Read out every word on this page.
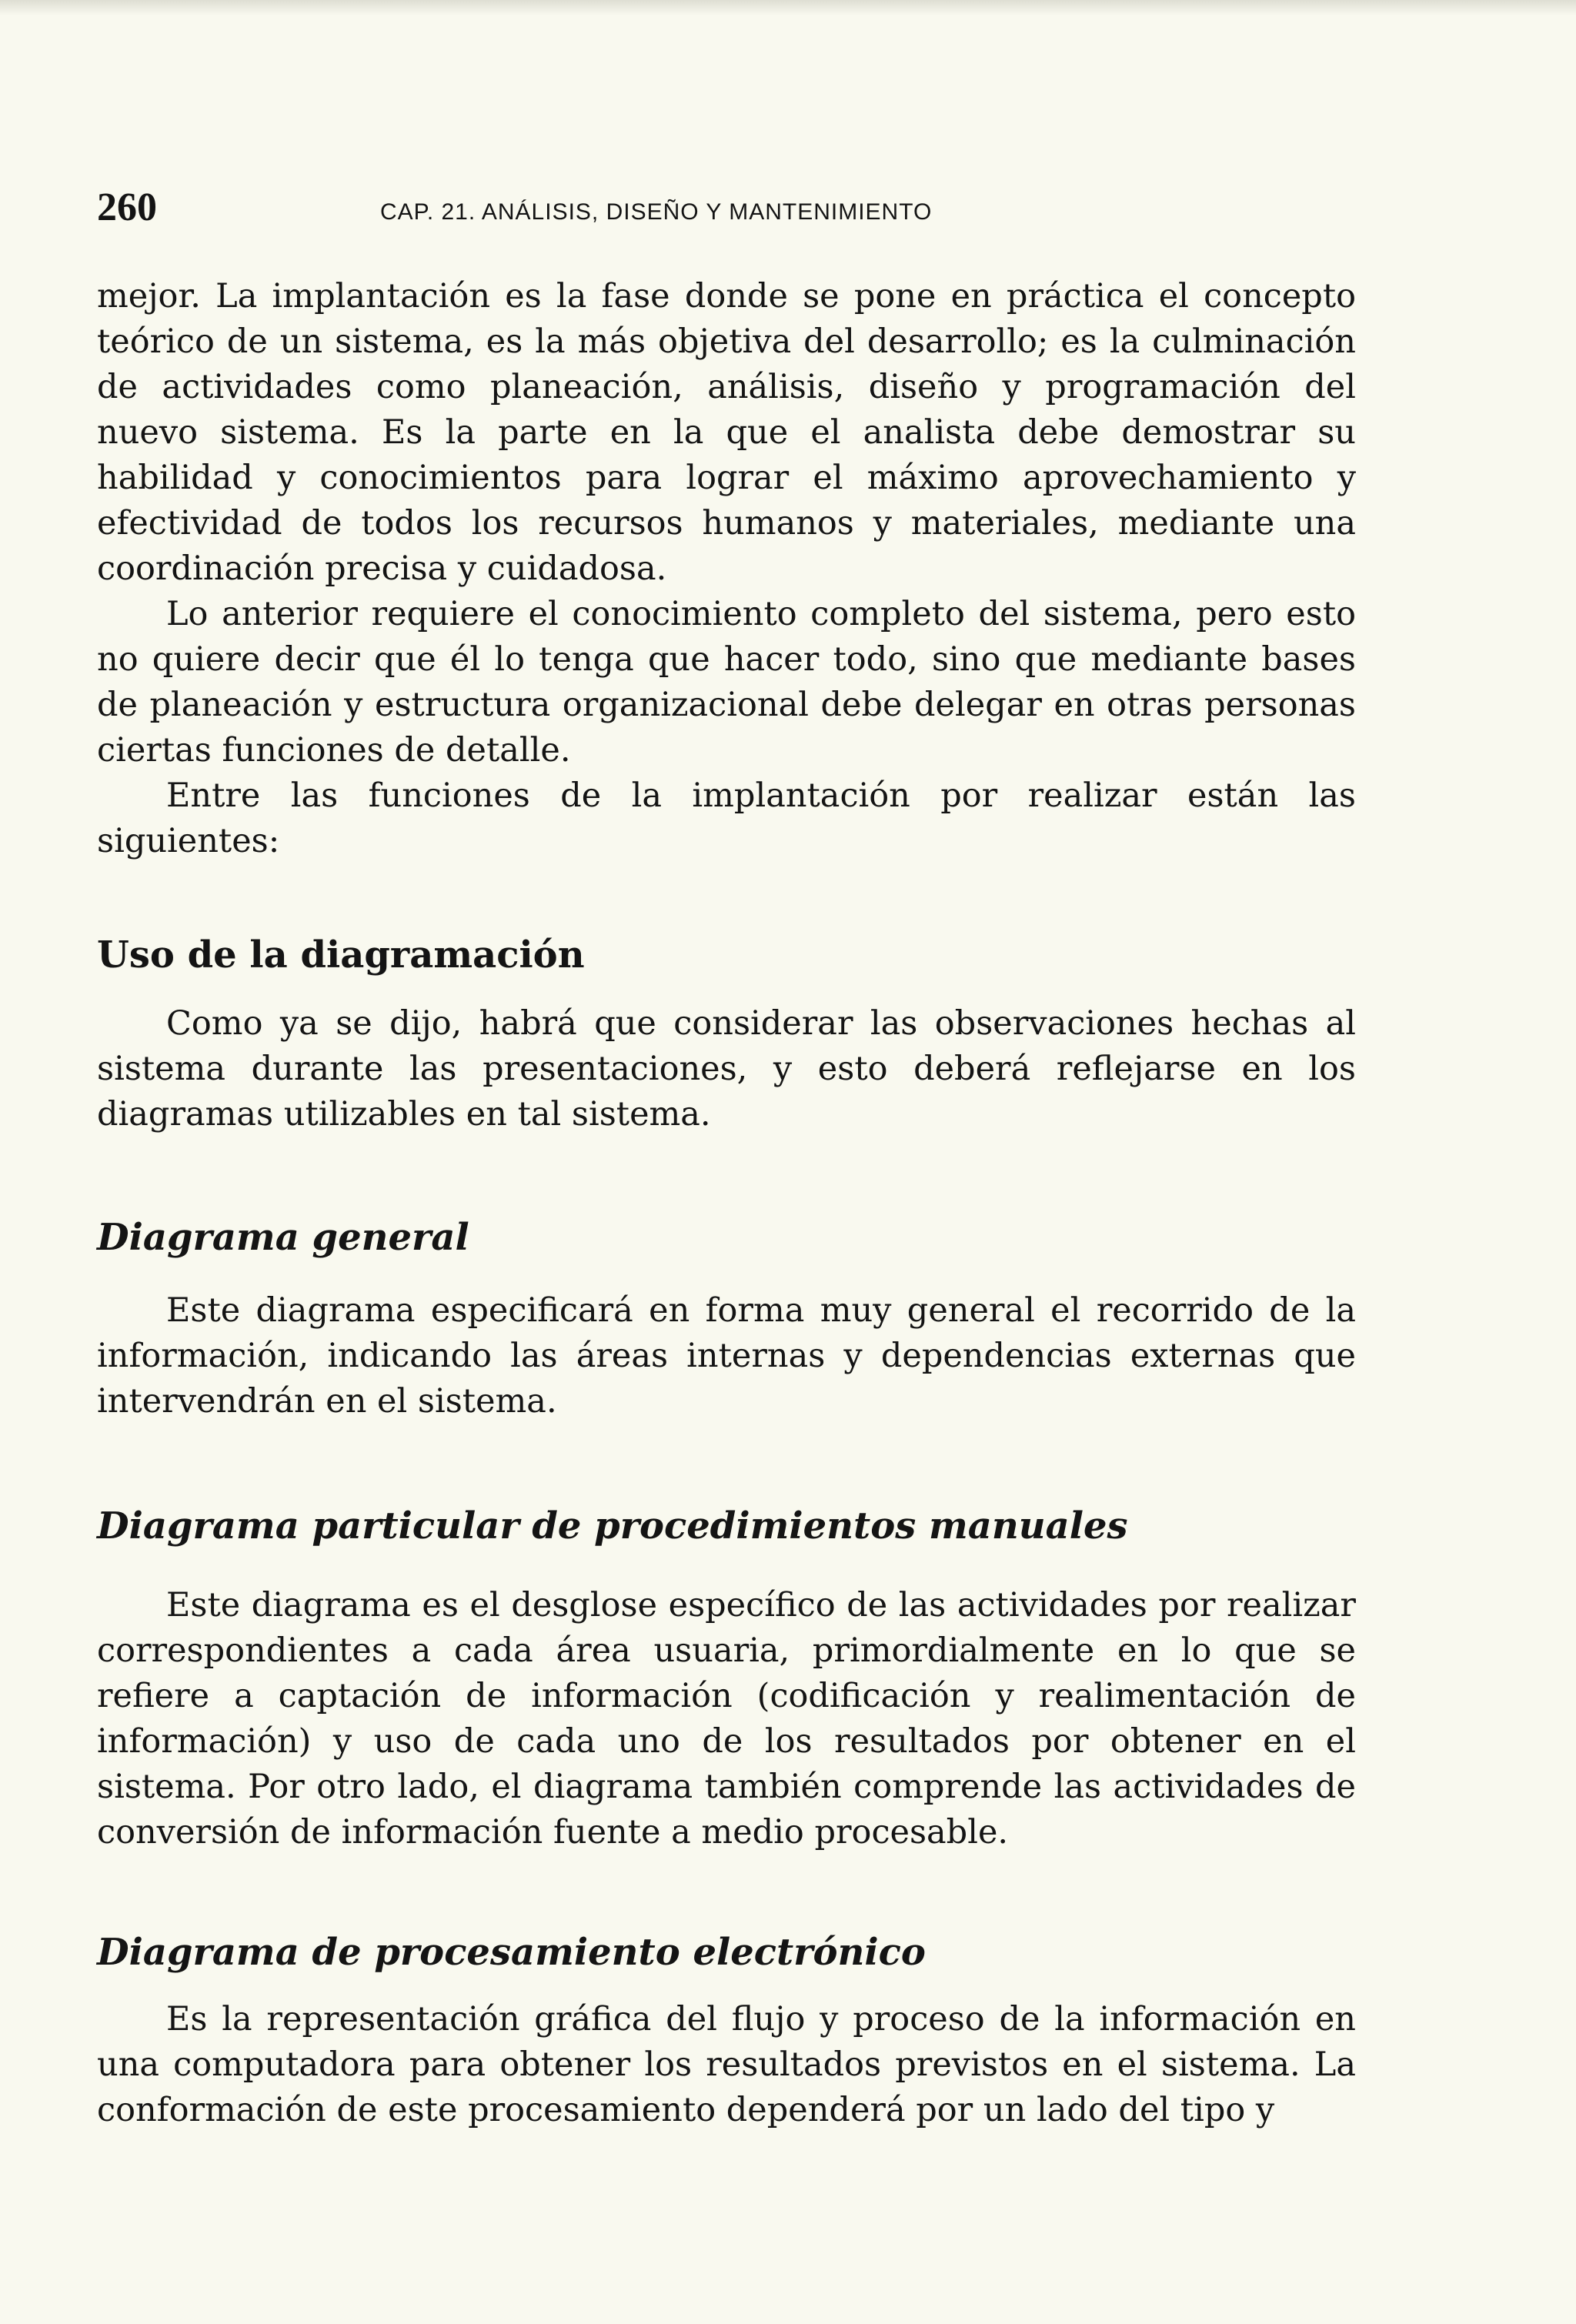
260	CAP. 21. ANÁLISIS, DISEÑO Y MANTENIMIENTO

mejor. La implantación es la fase donde se pone en práctica el concepto teórico de un sistema, es la más objetiva del desarrollo; es la culminación de actividades como planeación, análisis, diseño y programación del nuevo sistema. Es la parte en la que el analista debe demostrar su habilidad y conocimientos para lograr el máximo aprovechamiento y efectividad de todos los recursos humanos y materiales, mediante una coordinación precisa y cuidadosa.

Lo anterior requiere el conocimiento completo del sistema, pero esto no quiere decir que él lo tenga que hacer todo, sino que mediante bases de planeación y estructura organizacional debe delegar en otras personas ciertas funciones de detalle.

Entre las funciones de la implantación por realizar están las siguientes:

Uso de la diagramación

Como ya se dijo, habrá que considerar las observaciones hechas al sistema durante las presentaciones, y esto deberá reflejarse en los diagramas utilizables en tal sistema.

Diagrama general

Este diagrama especificará en forma muy general el recorrido de la información, indicando las áreas internas y dependencias externas que intervendrán en el sistema.

Diagrama particular de procedimientos manuales

Este diagrama es el desglose específico de las actividades por realizar correspondientes a cada área usuaria, primordialmente en lo que se refiere a captación de información (codificación y realimentación de información) y uso de cada uno de los resultados por obtener en el sistema. Por otro lado, el diagrama también comprende las actividades de conversión de información fuente a medio procesable.

Diagrama de procesamiento electrónico

Es la representación gráfica del flujo y proceso de la información en una computadora para obtener los resultados previstos en el sistema. La conformación de este procesamiento dependerá por un lado del tipo y
